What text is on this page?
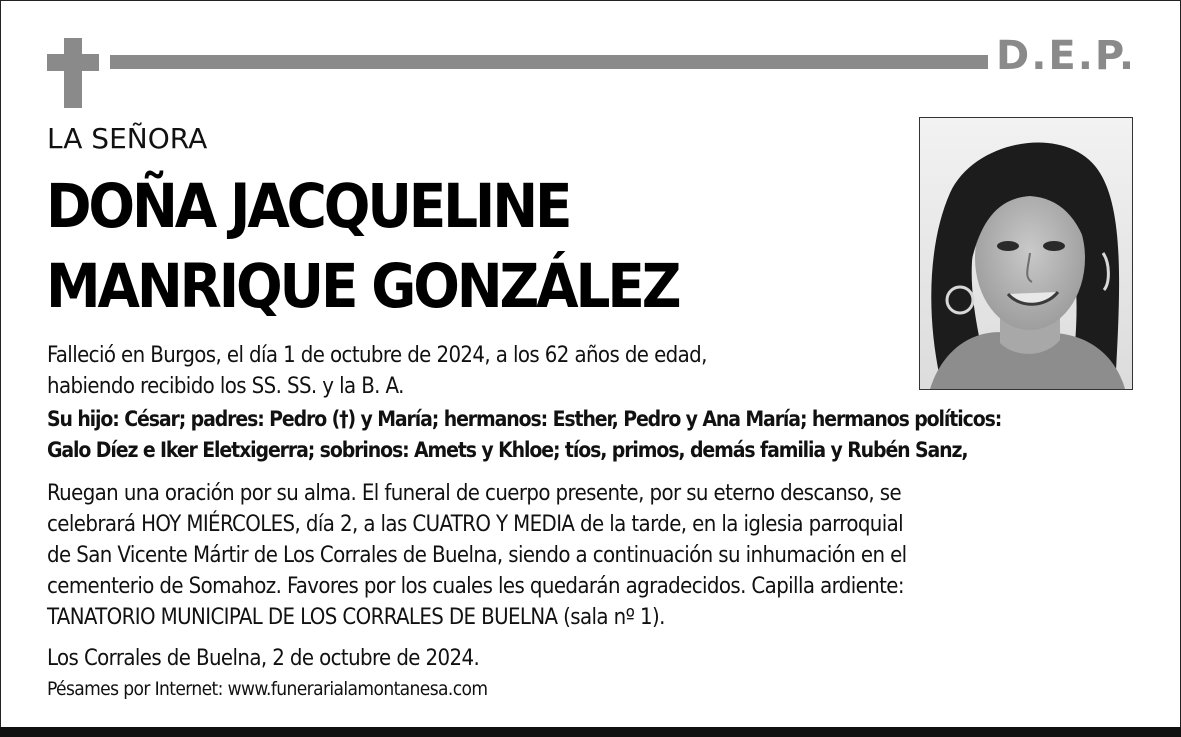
D.E.P.
LA SEÑORA
DOÑA JACQUELINE
MANRIQUE GONZÁLEZ
Falleció en Burgos, el día 1 de octubre de 2024, a los 62 años de edad,
habiendo recibido los SS. SS. y la B. A.
Su hijo: César; padres: Pedro (†) y María; hermanos: Esther, Pedro y Ana María; hermanos políticos:
Galo Díez e Iker Eletxigerra; sobrinos: Amets y Khloe; tíos, primos, demás familia y Rubén Sanz,
Ruegan una oración por su alma. El funeral de cuerpo presente, por su eterno descanso, se
celebrará HOY MIÉRCOLES, día 2, a las CUATRO Y MEDIA de la tarde, en la iglesia parroquial
de San Vicente Mártir de Los Corrales de Buelna, siendo a continuación su inhumación en el
cementerio de Somahoz. Favores por los cuales les quedarán agradecidos. Capilla ardiente:
TANATORIO MUNICIPAL DE LOS CORRALES DE BUELNA (sala nº 1).
Los Corrales de Buelna, 2 de octubre de 2024.
Pésames por Internet: www.funerarialamontanesa.com
